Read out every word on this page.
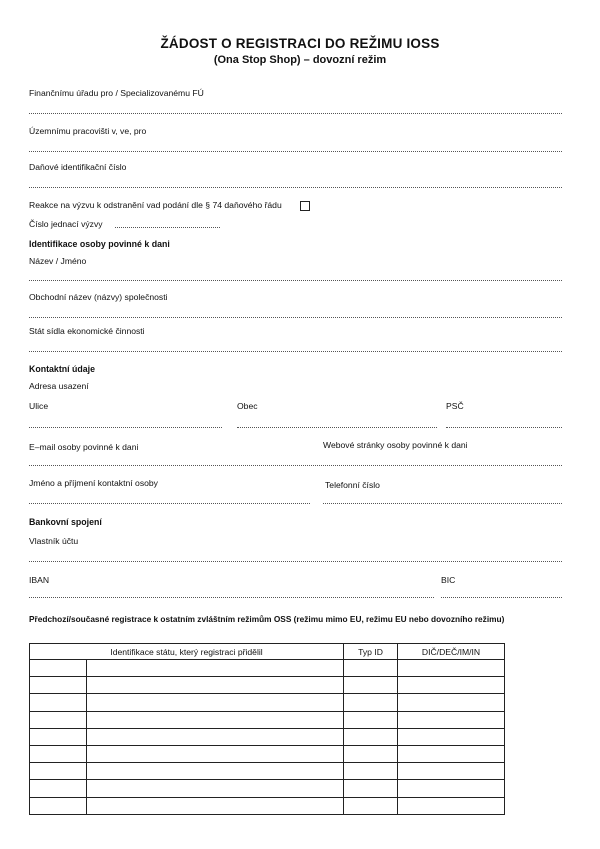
ŽÁDOST O REGISTRACI DO REŽIMU IOSS
(Ona Stop Shop) – dovozní režim
Finančnímu úřadu pro / Specializovanému FÚ
Územnímu pracovišti v, ve, pro
Daňové identifikační číslo
Reakce na výzvu k odstranění vad podání dle § 74 daňového řádu
Číslo jednací výzvy
Identifikace osoby povinné k dani
Název / Jméno
Obchodní název (názvy) společnosti
Stát sídla ekonomické činnosti
Kontaktní údaje
Adresa usazení
Ulice	Obec	PSČ
E–mail osoby povinné k dani	Webové stránky osoby povinné k dani
Jméno a příjmení kontaktní osoby	Telefonní číslo
Bankovní spojení
Vlastník účtu
IBAN	BIC
Předchozí/současné registrace k ostatním zvláštním režimům OSS (režimu mimo EU, režimu EU nebo dovozního režimu)
Identifikace státu, který registraci přidělil		Typ ID	DIČ/DEČ/IM/IN
